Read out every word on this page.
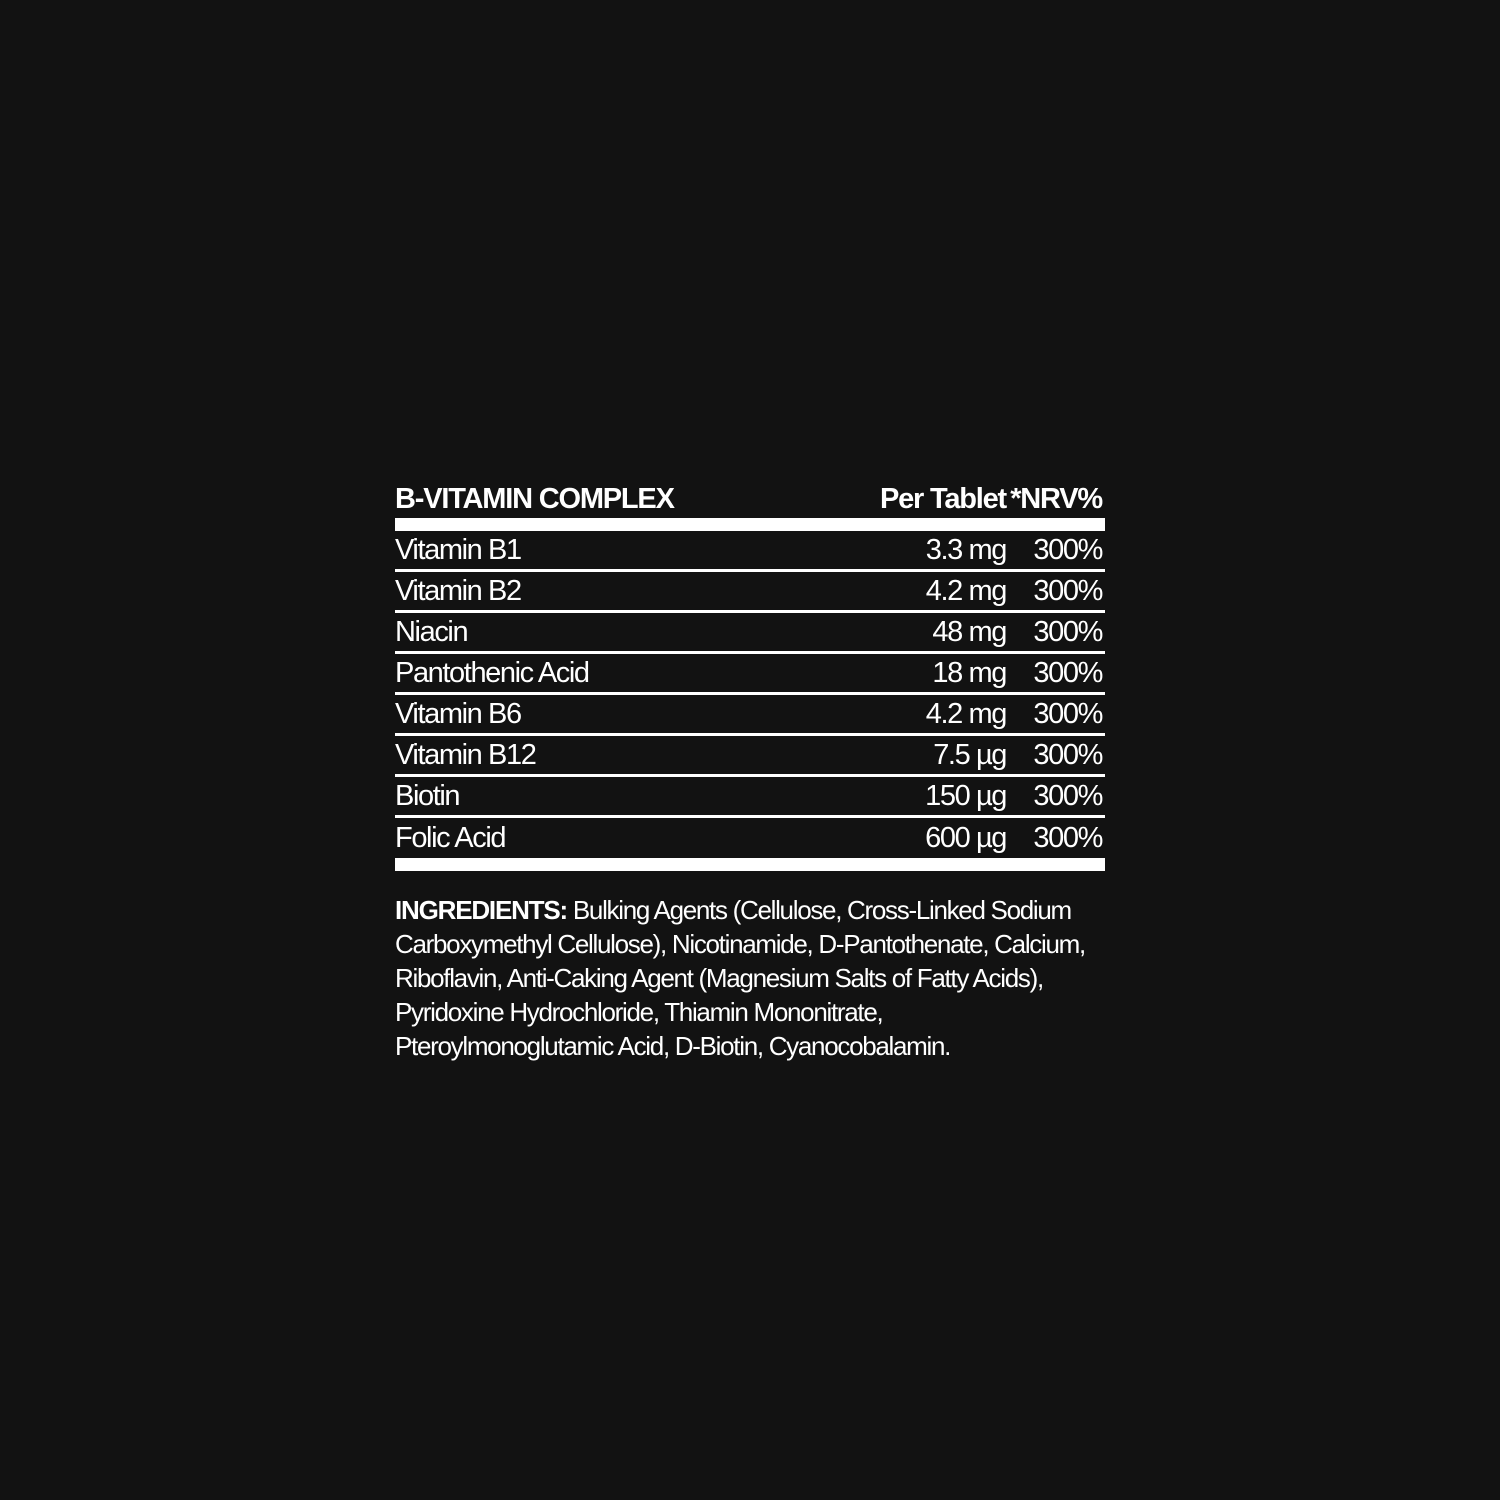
B-VITAMIN COMPLEX	Per Tablet *NRV%
Vitamin B1	3.3 mg 300%
Vitamin B2	4.2 mg 300%
Niacin	48 mg 300%
Pantothenic Acid	18 mg 300%
Vitamin B6	4.2 mg 300%
Vitamin B12	7.5 µg 300%
Biotin	150 µg 300%
Folic Acid	600 µg 300%
INGREDIENTS: Bulking Agents (Cellulose, Cross-Linked Sodium Carboxymethyl Cellulose), Nicotinamide, D-Pantothenate, Calcium, Riboflavin, Anti-Caking Agent (Magnesium Salts of Fatty Acids), Pyridoxine Hydrochloride, Thiamin Mononitrate, Pteroylmonoglutamic Acid, D-Biotin, Cyanocobalamin.
